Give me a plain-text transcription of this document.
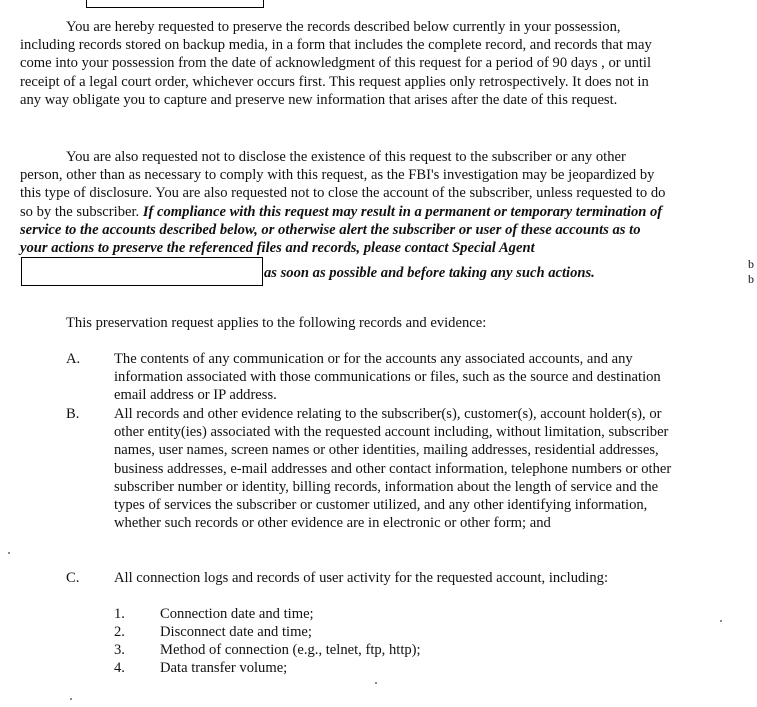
You are hereby requested to preserve the records described below currently in your possession, including records stored on backup media, in a form that includes the complete record, and records that may come into your possession from the date of acknowledgment of this request for a period of 90 days , or until receipt of a legal court order, whichever occurs first. This request applies only retrospectively. It does not in any way obligate you to capture and preserve new information that arises after the date of this request.

You are also requested not to disclose the existence of this request to the subscriber or any other person, other than as necessary to comply with this request, as the FBI's investigation may be jeopardized by this type of disclosure. You are also requested not to close the account of the subscriber, unless requested to do so by the subscriber. If compliance with this request may result in a permanent or temporary termination of service to the accounts described below, or otherwise alert the subscriber or user of these accounts as to your actions to preserve the referenced files and records, please contact Special Agentas soon as possible and before taking any such actions.

b
b

This preservation request applies to the following records and evidence:

A.	The contents of any communication or for the accounts any associated accounts, and any information associated with those communications or files, such as the source and destination email address or IP address.
B.	All records and other evidence relating to the subscriber(s), customer(s), account holder(s), or other entity(ies) associated with the requested account including, without limitation, subscriber names, user names, screen names or other identities, mailing addresses, residential addresses, business addresses, e-mail addresses and other contact information, telephone numbers or other subscriber number or identity, billing records, information about the length of service and the types of services the subscriber or customer utilized, and any other identifying information, whether such records or other evidence are in electronic or other form; and
C.	All connection logs and records of user activity for the requested account, including:
1.	Connection date and time;
2.	Disconnect date and time;
3.	Method of connection (e.g., telnet, ftp, http);
4.	Data transfer volume;
